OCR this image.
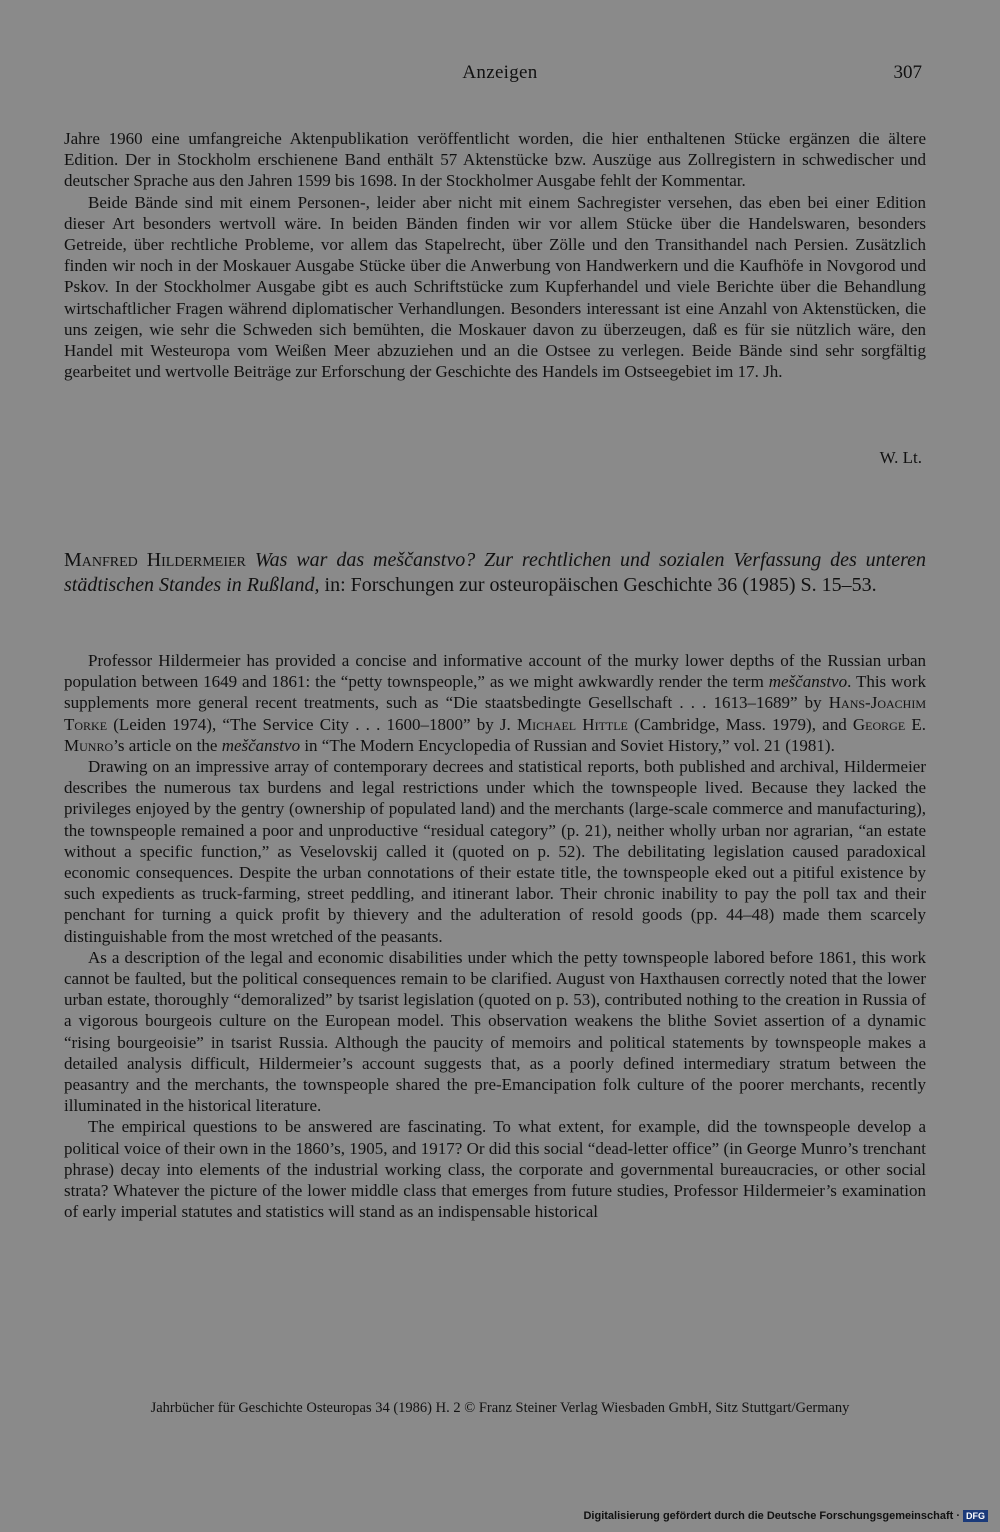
Anzeigen	307

Jahre 1960 eine umfangreiche Aktenpublikation veröffentlicht worden, die hier enthaltenen Stücke ergänzen die ältere Edition. Der in Stockholm erschienene Band enthält 57 Aktenstücke bzw. Auszüge aus Zollregistern in schwedischer und deutscher Sprache aus den Jahren 1599 bis 1698. In der Stockholmer Ausgabe fehlt der Kommentar.

Beide Bände sind mit einem Personen-, leider aber nicht mit einem Sachregister versehen, das eben bei einer Edition dieser Art besonders wertvoll wäre. In beiden Bänden finden wir vor allem Stücke über die Handelswaren, besonders Getreide, über rechtliche Probleme, vor allem das Stapelrecht, über Zölle und den Transithandel nach Persien. Zusätzlich finden wir noch in der Moskauer Ausgabe Stücke über die Anwerbung von Handwerkern und die Kaufhöfe in Novgorod und Pskov. In der Stockholmer Ausgabe gibt es auch Schriftstücke zum Kupferhandel und viele Berichte über die Behandlung wirtschaftlicher Fragen während diplomatischer Verhandlungen. Besonders interessant ist eine Anzahl von Aktenstücken, die uns zeigen, wie sehr die Schweden sich bemühten, die Moskauer davon zu überzeugen, daß es für sie nützlich wäre, den Handel mit Westeuropa vom Weißen Meer abzuziehen und an die Ostsee zu verlegen. Beide Bände sind sehr sorgfältig gearbeitet und wertvolle Beiträge zur Erforschung der Geschichte des Handels im Ostseegebiet im 17. Jh.

W. Lt.
Manfred Hildermeier Was war das meščanstvo? Zur rechtlichen und sozialen Verfassung des unteren städtischen Standes in Rußland, in: Forschungen zur osteuropäischen Geschichte 36 (1985) S. 15–53.

Professor Hildermeier has provided a concise and informative account of the murky lower depths of the Russian urban population between 1649 and 1861: the “petty townspeople,” as we might awkwardly render the term meščanstvo. This work supplements more general recent treatments, such as “Die staatsbedingte Gesellschaft . . . 1613–1689” by Hans-Joachim Torke (Leiden 1974), “The Service City . . . 1600–1800” by J. Michael Hittle (Cambridge, Mass. 1979), and George E. Munro’s article on the meščanstvo in “The Modern Encyclopedia of Russian and Soviet History,” vol. 21 (1981).

Drawing on an impressive array of contemporary decrees and statistical reports, both published and archival, Hildermeier describes the numerous tax burdens and legal restrictions under which the townspeople lived. Because they lacked the privileges enjoyed by the gentry (ownership of populated land) and the merchants (large-scale commerce and manufacturing), the townspeople remained a poor and unproductive “residual category” (p. 21), neither wholly urban nor agrarian, “an estate without a specific function,” as Veselovskij called it (quoted on p. 52). The debilitating legislation caused paradoxical economic consequences. Despite the urban connotations of their estate title, the townspeople eked out a pitiful existence by such expedients as truck-farming, street peddling, and itinerant labor. Their chronic inability to pay the poll tax and their penchant for turning a quick profit by thievery and the adulteration of resold goods (pp. 44–48) made them scarcely distinguishable from the most wretched of the peasants.

As a description of the legal and economic disabilities under which the petty townspeople labored before 1861, this work cannot be faulted, but the political consequences remain to be clarified. August von Haxthausen correctly noted that the lower urban estate, thoroughly “demoralized” by tsarist legislation (quoted on p. 53), contributed nothing to the creation in Russia of a vigorous bourgeois culture on the European model. This observation weakens the blithe Soviet assertion of a dynamic “rising bourgeoisie” in tsarist Russia. Although the paucity of memoirs and political statements by townspeople makes a detailed analysis difficult, Hildermeier’s account suggests that, as a poorly defined intermediary stratum between the peasantry and the merchants, the townspeople shared the pre-Emancipation folk culture of the poorer merchants, recently illuminated in the historical literature.

The empirical questions to be answered are fascinating. To what extent, for example, did the townspeople develop a political voice of their own in the 1860’s, 1905, and 1917? Or did this social “dead-letter office” (in George Munro’s trenchant phrase) decay into elements of the industrial working class, the corporate and governmental bureaucracies, or other social strata? Whatever the picture of the lower middle class that emerges from future studies, Professor Hildermeier’s examination of early imperial statutes and statistics will stand as an indispensable historical

Jahrbücher für Geschichte Osteuropas 34 (1986) H. 2 © Franz Steiner Verlag Wiesbaden GmbH, Sitz Stuttgart/Germany
Digitalisierung gefördert durch die Deutsche Forschungsgemeinschaft · DFG
